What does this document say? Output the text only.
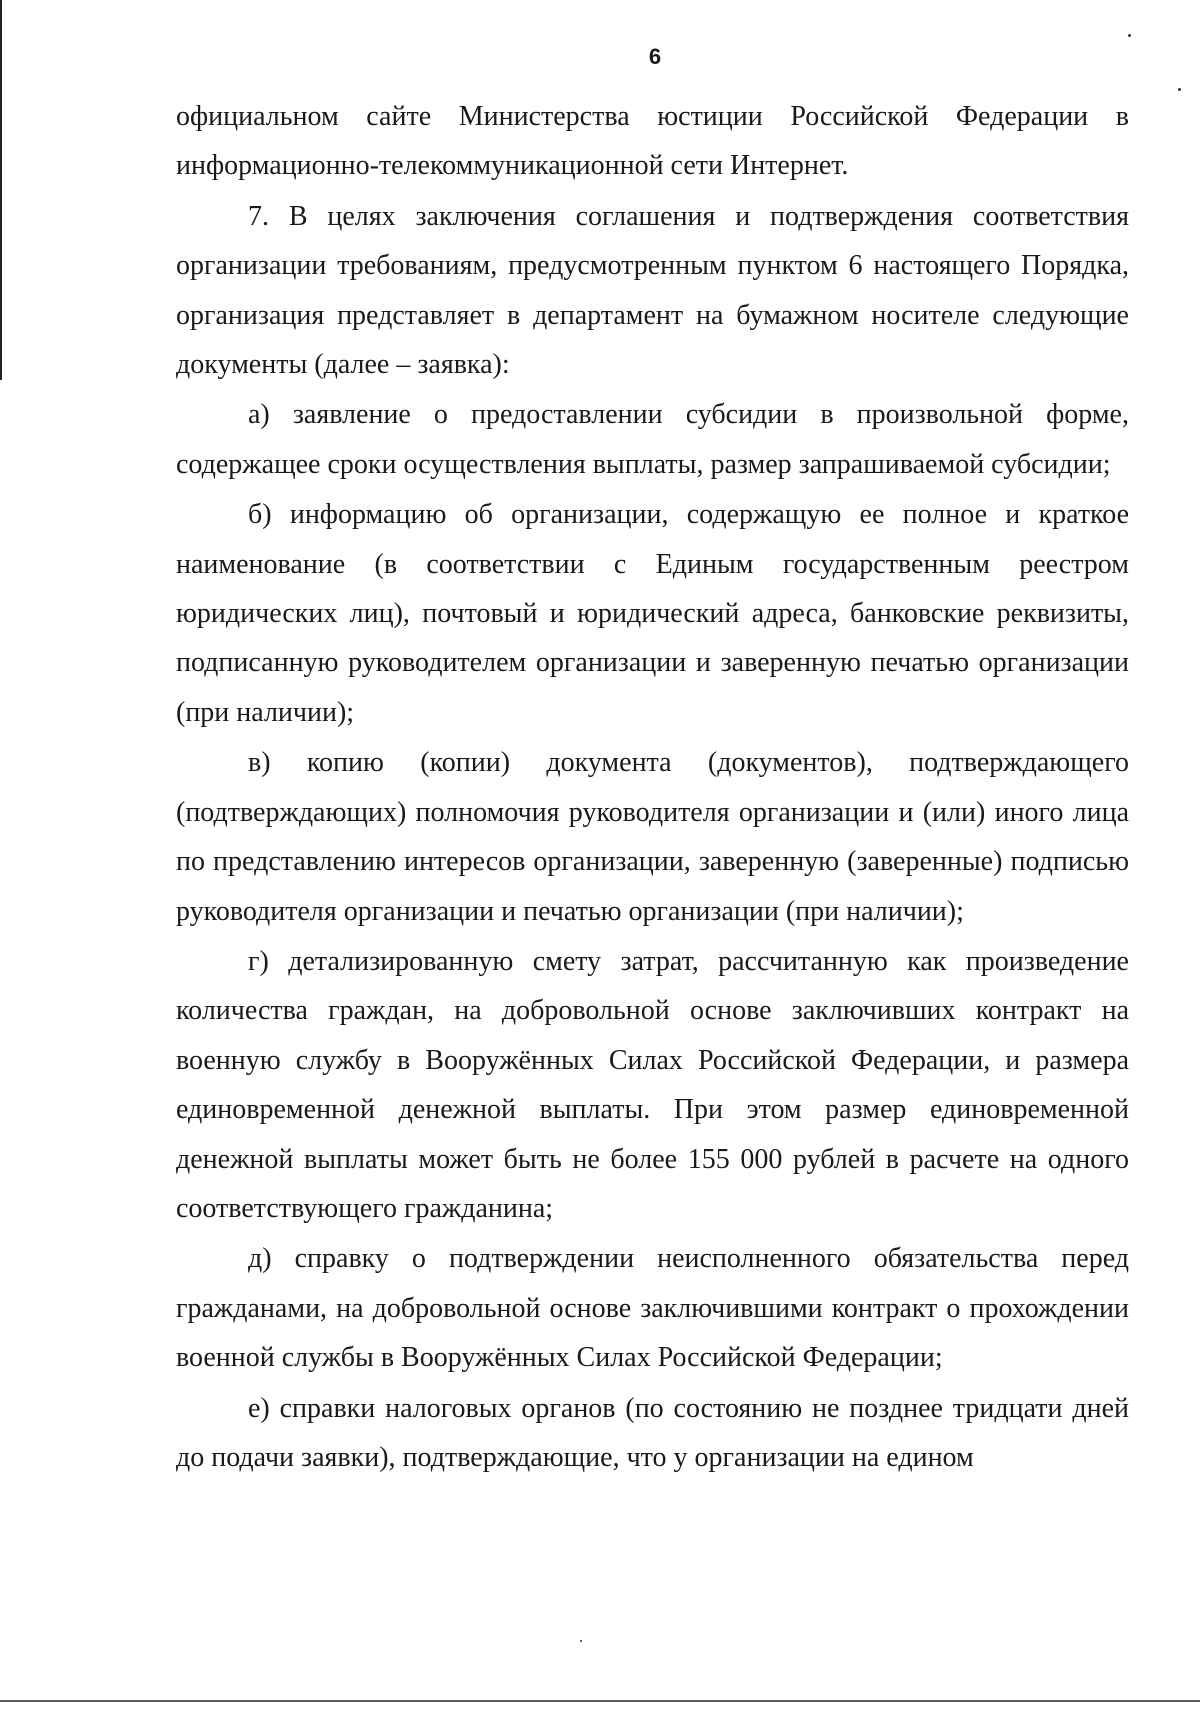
6

официальном сайте Министерства юстиции Российской Федерации в информационно-телекоммуникационной сети Интернет.

7. В целях заключения соглашения и подтверждения соответствия организации требованиям, предусмотренным пунктом 6 настоящего Порядка, организация представляет в департамент на бумажном носителе следующие документы (далее – заявка):

а) заявление о предоставлении субсидии в произвольной форме, содержащее сроки осуществления выплаты, размер запрашиваемой субсидии;

б) информацию об организации, содержащую ее полное и краткое наименование (в соответствии с Единым государственным реестром юридических лиц), почтовый и юридический адреса, банковские реквизиты, подписанную руководителем организации и заверенную печатью организации (при наличии);

в) копию (копии) документа (документов), подтверждающего (подтверждающих) полномочия руководителя организации и (или) иного лица по представлению интересов организации, заверенную (заверенные) подписью руководителя организации и печатью организации (при наличии);

г) детализированную смету затрат, рассчитанную как произведение количества граждан, на добровольной основе заключивших контракт на военную службу в Вооружённых Силах Российской Федерации, и размера единовременной денежной выплаты. При этом размер единовременной денежной выплаты может быть не более 155 000 рублей в расчете на одного соответствующего гражданина;

д) справку о подтверждении неисполненного обязательства перед гражданами, на добровольной основе заключившими контракт о прохождении военной службы в Вооружённых Силах Российской Федерации;

е) справки налоговых органов (по состоянию не позднее тридцати дней до подачи заявки), подтверждающие, что у организации на едином
